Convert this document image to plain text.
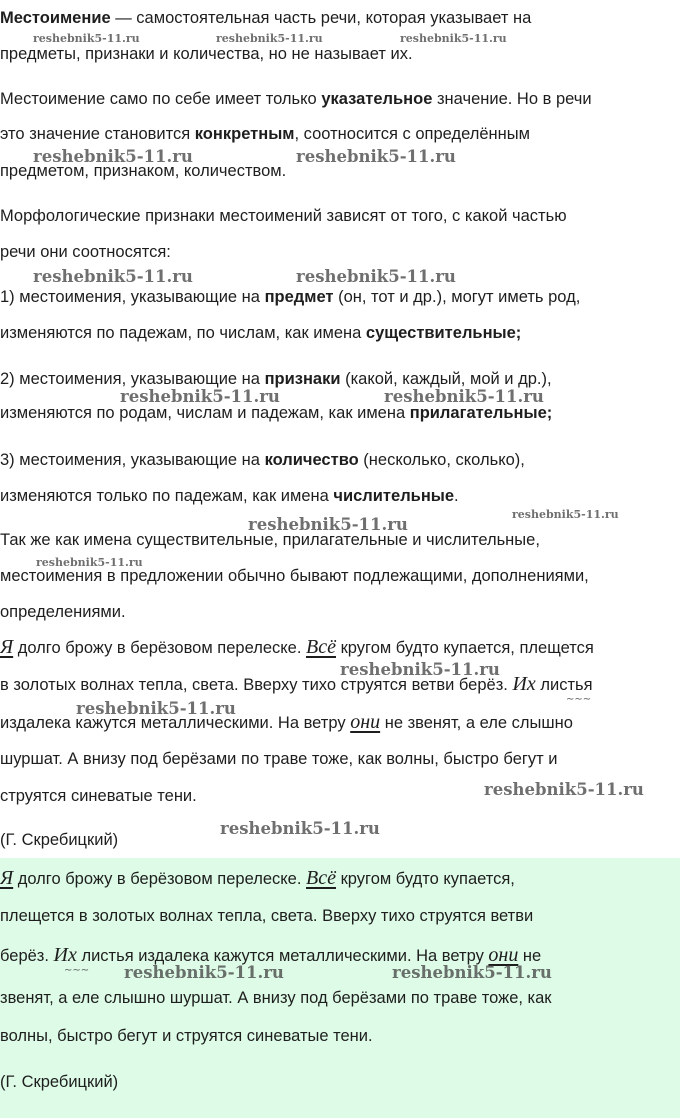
Местоимение — самостоятельная часть речи, которая указывает на
предметы, признаки и количества, но не называет их.
Местоимение само по себе имеет только указательное значение. Но в речи
это значение становится конкретным, соотносится с определённым
предметом, признаком, количеством.
Морфологические признаки местоимений зависят от того, с какой частью
речи они соотносятся:
1) местоимения, указывающие на предмет (он, тот и др.), могут иметь род,
изменяются по падежам, по числам, как имена существительные;
2) местоимения, указывающие на признаки (какой, каждый, мой и др.),
изменяются по родам, числам и падежам, как имена прилагательные;
3) местоимения, указывающие на количество (несколько, сколько),
изменяются только по падежам, как имена числительные.
Так же как имена существительные, прилагательные и числительные,
местоимения в предложении обычно бывают подлежащими, дополнениями,
определениями.
Я долго брожу в берёзовом перелеске. Всё кругом будто купается, плещется
в золотых волнах тепла, света. Вверху тихо струятся ветви берёз. Их листья
∼∼∼
издалека кажутся металлическими. На ветру они не звенят, а еле слышно
шуршат. А внизу под берёзами по траве тоже, как волны, быстро бегут и
струятся синеватые тени.
(Г. Скребицкий)
Я долго брожу в берёзовом перелеске. Всё кругом будто купается,
плещется в золотых волнах тепла, света. Вверху тихо струятся ветви
берёз. Их листья издалека кажутся металлическими. На ветру они не
∼∼∼
звенят, а еле слышно шуршат. А внизу под берёзами по траве тоже, как
волны, быстро бегут и струятся синеватые тени.
(Г. Скребицкий)
reshebnik5-11.ru	reshebnik5-11.ru	reshebnik5-11.ru
reshebnik5-11.ru	reshebnik5-11.ru
reshebnik5-11.ru	reshebnik5-11.ru
reshebnik5-11.ru	reshebnik5-11.ru
reshebnik5-11.ru
reshebnik5-11.ru
reshebnik5-11.ru
reshebnik5-11.ru
reshebnik5-11.ru
reshebnik5-11.ru
reshebnik5-11.ru
reshebnik5-11.ru	reshebnik5-11.ru
